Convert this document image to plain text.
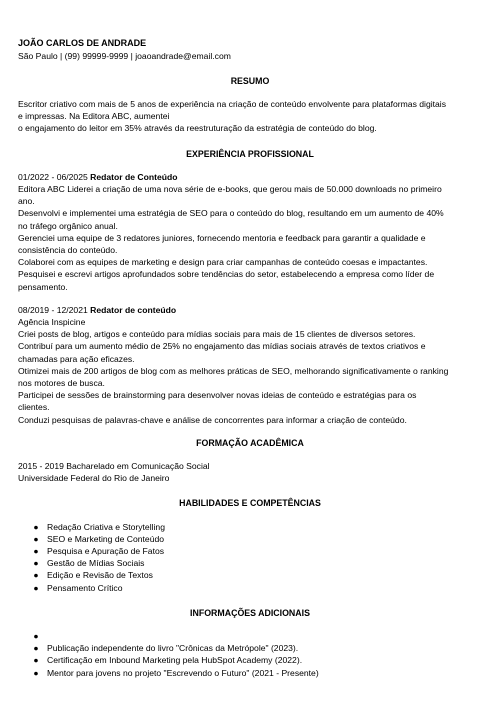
JOÃO CARLOS DE ANDRADE
São Paulo | (99) 99999-9999 | joaoandrade@email.com
RESUMO

Escritor criativo com mais de 5 anos de experiência na criação de conteúdo envolvente para plataformas digitais

e impressas. Na Editora ABC, aumentei

o engajamento do leitor em 35% através da reestruturação da estratégia de conteúdo do blog.

EXPERIÊNCIA PROFISSIONAL
01/2022 - 06/2025 Redator de Conteúdo

Editora ABC Liderei a criação de uma nova série de e-books, que gerou mais de 50.000 downloads no primeiro

ano.

Desenvolvi e implementei uma estratégia de SEO para o conteúdo do blog, resultando em um aumento de 40%

no tráfego orgânico anual.

Gerenciei uma equipe de 3 redatores juniores, fornecendo mentoria e feedback para garantir a qualidade e

consistência do conteúdo.

Colaborei com as equipes de marketing e design para criar campanhas de conteúdo coesas e impactantes.

Pesquisei e escrevi artigos aprofundados sobre tendências do setor, estabelecendo a empresa como líder de

pensamento.

08/2019 - 12/2021 Redator de conteúdo

Agência Inspicine

Criei posts de blog, artigos e conteúdo para mídias sociais para mais de 15 clientes de diversos setores.

Contribuí para um aumento médio de 25% no engajamento das mídias sociais através de textos criativos e

chamadas para ação eficazes.

Otimizei mais de 200 artigos de blog com as melhores práticas de SEO, melhorando significativamente o ranking

nos motores de busca.

Participei de sessões de brainstorming para desenvolver novas ideias de conteúdo e estratégias para os

clientes.

Conduzi pesquisas de palavras-chave e análise de concorrentes para informar a criação de conteúdo.

FORMAÇÃO ACADÊMICA

2015 - 2019 Bacharelado em Comunicação Social

Universidade Federal do Rio de Janeiro

HABILIDADES E COMPETÊNCIAS
● Redação Criativa e Storytelling
● SEO e Marketing de Conteúdo
● Pesquisa e Apuração de Fatos
● Gestão de Mídias Sociais
● Edição e Revisão de Textos
● Pensamento Crítico
INFORMAÇÕES ADICIONAIS
●
● Publicação independente do livro "Crônicas da Metrópole" (2023).
● Certificação em Inbound Marketing pela HubSpot Academy (2022).
● Mentor para jovens no projeto "Escrevendo o Futuro" (2021 - Presente)
